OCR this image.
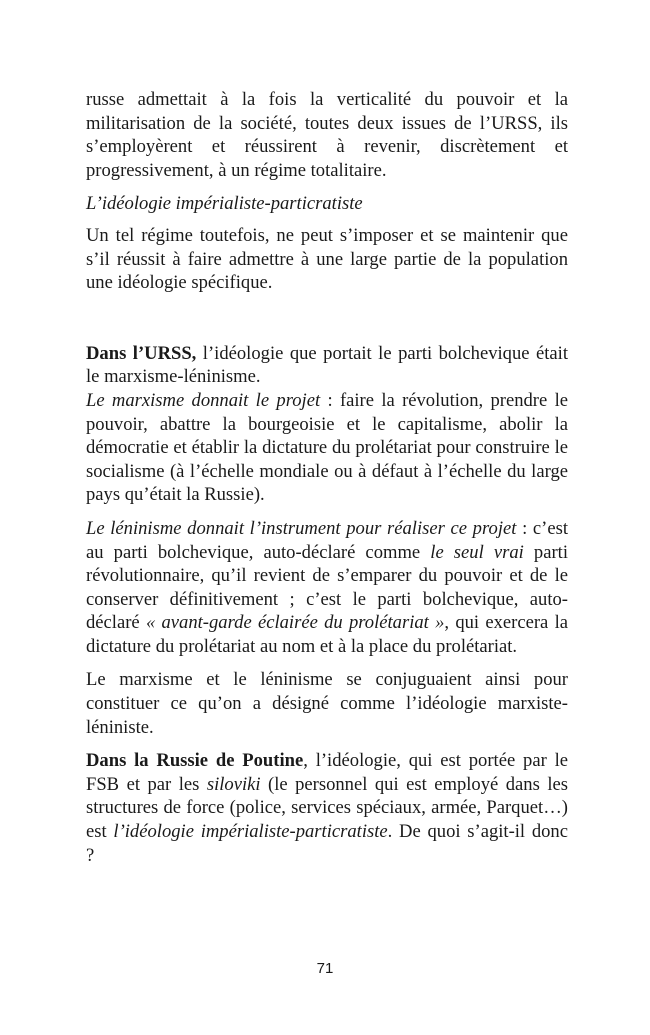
russe admettait à la fois la verticalité du pouvoir et la militarisation de la société, toutes deux issues de l’URSS, ils s’employèrent et réussirent à revenir, discrètement et progressivement, à un régime totalitaire.

L’idéologie impérialiste-particratiste

Un tel régime toutefois, ne peut s’imposer et se maintenir que s’il réussit à faire admettre à une large partie de la population une idéologie spécifique.

Dans l’URSS, l’idéologie que portait le parti bolchevique était le marxisme-léninisme.

Le marxisme donnait le projet : faire la révolution, prendre le pouvoir, abattre la bourgeoisie et le capitalisme, abolir la démocratie et établir la dictature du prolétariat pour construire le socialisme (à l’échelle mondiale ou à défaut à l’échelle du large pays qu’était la Russie).

Le léninisme donnait l’instrument pour réaliser ce projet : c’est au parti bolchevique, auto-déclaré comme le seul vrai parti révolutionnaire, qu’il revient de s’emparer du pouvoir et de le conserver définitivement ; c’est le parti bolchevique, auto-déclaré « avant-garde éclairée du prolétariat », qui exercera la dictature du prolétariat au nom et à la place du prolétariat.

Le marxisme et le léninisme se conjuguaient ainsi pour constituer ce qu’on a désigné comme l’idéologie marxiste-léniniste.

Dans la Russie de Poutine, l’idéologie, qui est portée par le FSB et par les siloviki (le personnel qui est employé dans les structures de force (police, services spéciaux, armée, Parquet…) est l’idéologie impérialiste-particratiste. De quoi s’agit-il donc ?

71
